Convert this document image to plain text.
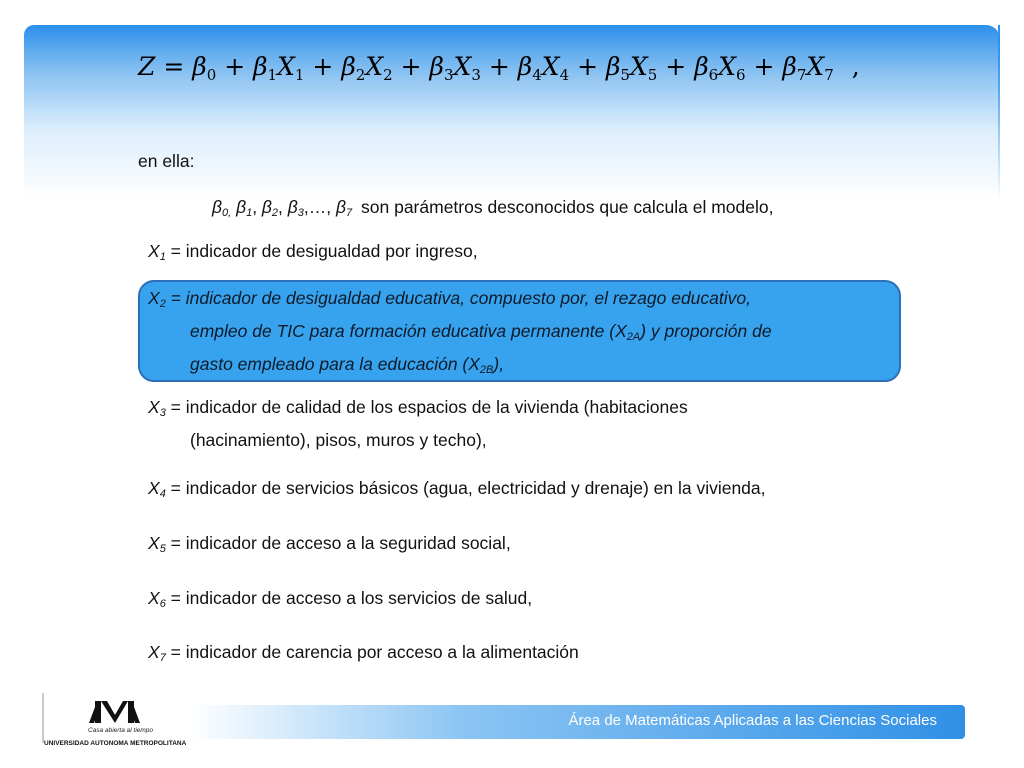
$Z = \beta_0 + \beta_1X_1 + \beta_2X_2 + \beta_3X_3 + \beta_4X_4 + \beta_5X_5 + \beta_6X_6 + \beta_7X_7$ ,
en ella:
$\beta_{0,}$ $\beta_1$, $\beta_2$, $\beta_3,\dots$, $\beta_7$ son parámetros desconocidos que calcula el modelo,
$X_1$ = indicador de desigualdad por ingreso,
$X_2$ = indicador de desigualdad educativa, compuesto por, el rezago educativo,
empleo de TIC para formación educativa permanente $(X_{2A})$ y proporción de
gasto empleado para la educación $(X_{2B})$,
$X_3$ = indicador de calidad de los espacios de la vivienda (habitaciones
(hacinamiento), pisos, muros y techo),
$X_4$ = indicador de servicios básicos (agua, electricidad y drenaje) en la vivienda,
$X_5$ = indicador de acceso a la seguridad social,
$X_6$ = indicador de acceso a los servicios de salud,
$X_7$ = indicador de carencia por acceso a la alimentación
Casa abierta al tiempo
UNIVERSIDAD AUTONOMA METROPOLITANA
Área de Matemáticas Aplicadas a las Ciencias Sociales
